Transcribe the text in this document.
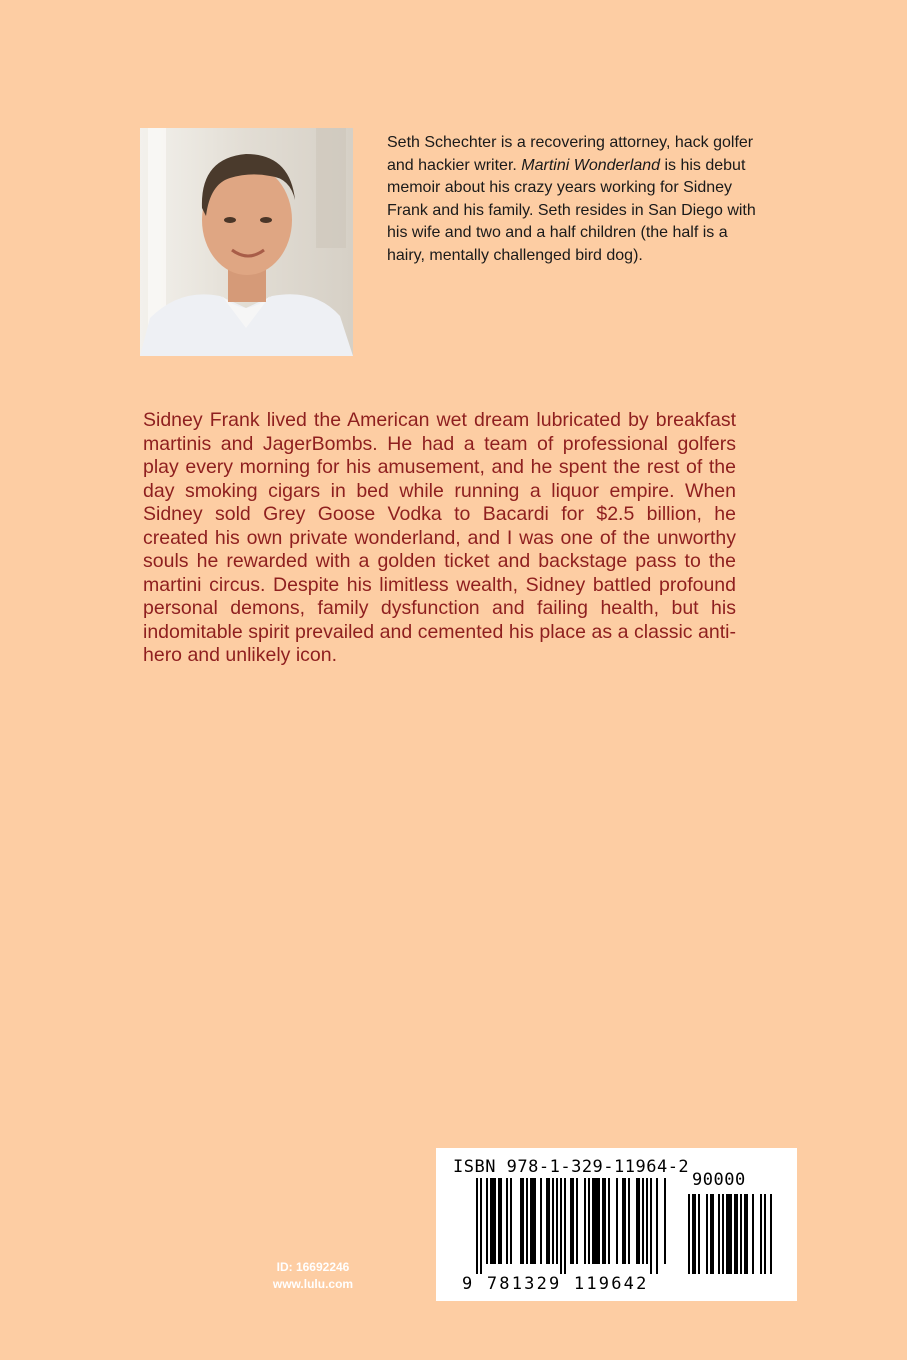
Seth Schechter is a recovering attorney, hack golfer and hackier writer. Martini Wonderland is his debut memoir about his crazy years working for Sidney Frank and his family. Seth resides in San Diego with his wife and two and a half children (the half is a hairy, mentally challenged bird dog).
Sidney Frank lived the American wet dream lubricated by breakfast martinis and JagerBombs. He had a team of professional golfers play every morning for his amusement, and he spent the rest of the day smoking cigars in bed while running a liquor empire. When Sidney sold Grey Goose Vodka to Bacardi for $2.5 billion, he created his own private wonderland, and I was one of the unworthy souls he rewarded with a golden ticket and backstage pass to the martini circus. Despite his limitless wealth, Sidney battled profound personal demons, family dysfunction and failing health, but his indomitable spirit prevailed and cemented his place as a classic anti-hero and unlikely icon.
ID: 16692246
www.lulu.com
ISBN 978-1-329-11964-2
90000
9 781329 119642
